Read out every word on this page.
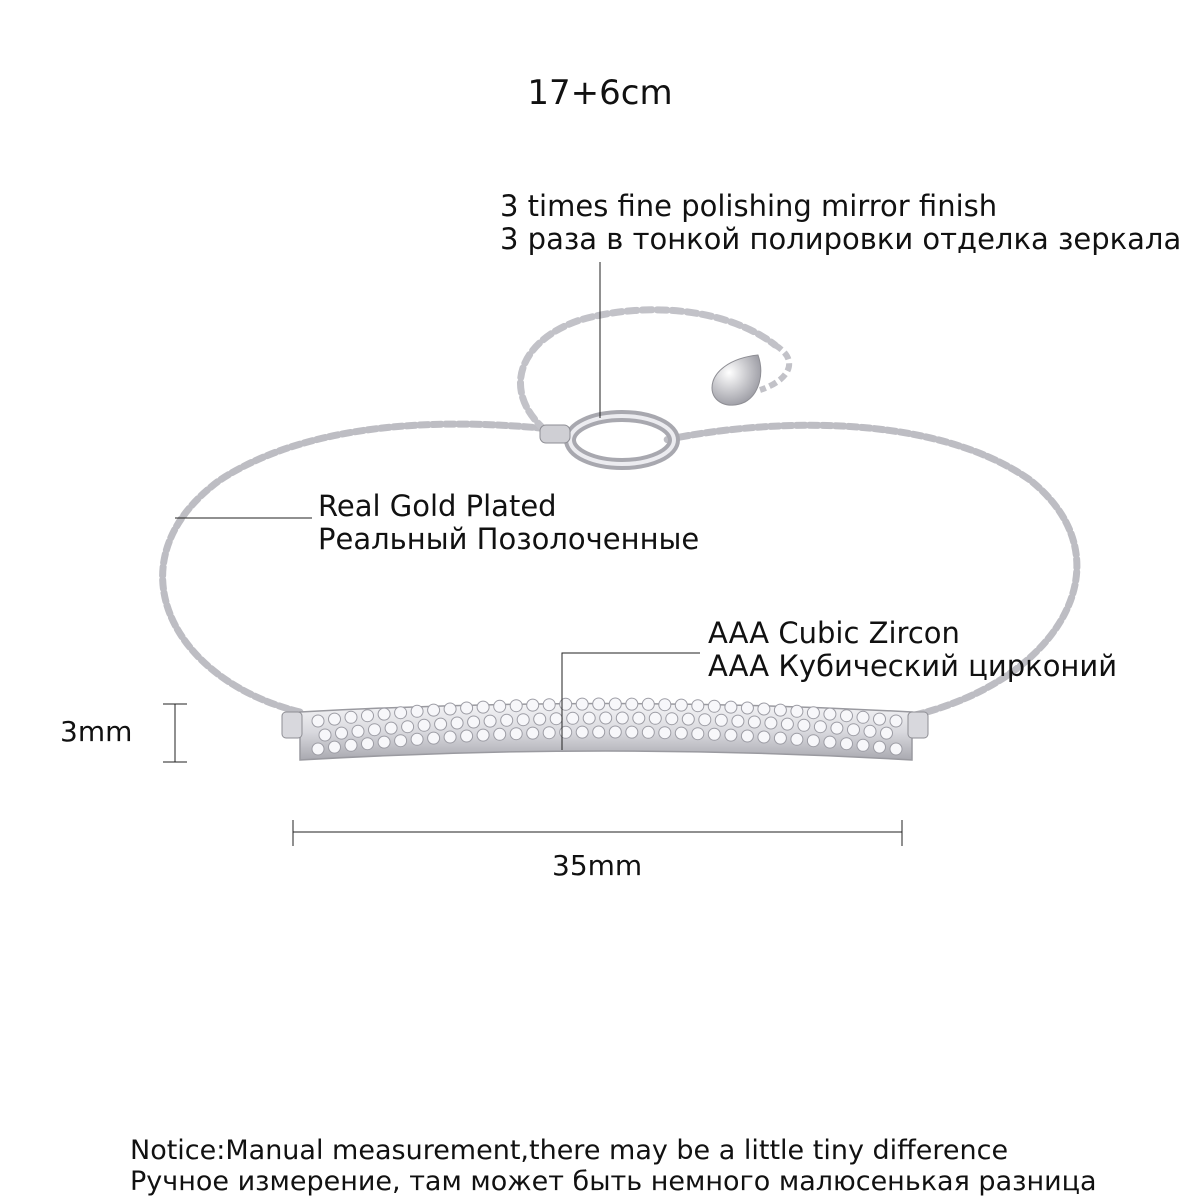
17+6cm
3 times fine polishing mirror finish
3 раза в тонкой полировки отделка зеркала
Real Gold Plated
Реальный Позолоченные
AAA Cubic Zircon
AAA Кубический цирконий
3mm
35mm
Notice:Manual measurement,there may be a little tiny difference
Ручное измерение, там может быть немного малюсенькая разница
